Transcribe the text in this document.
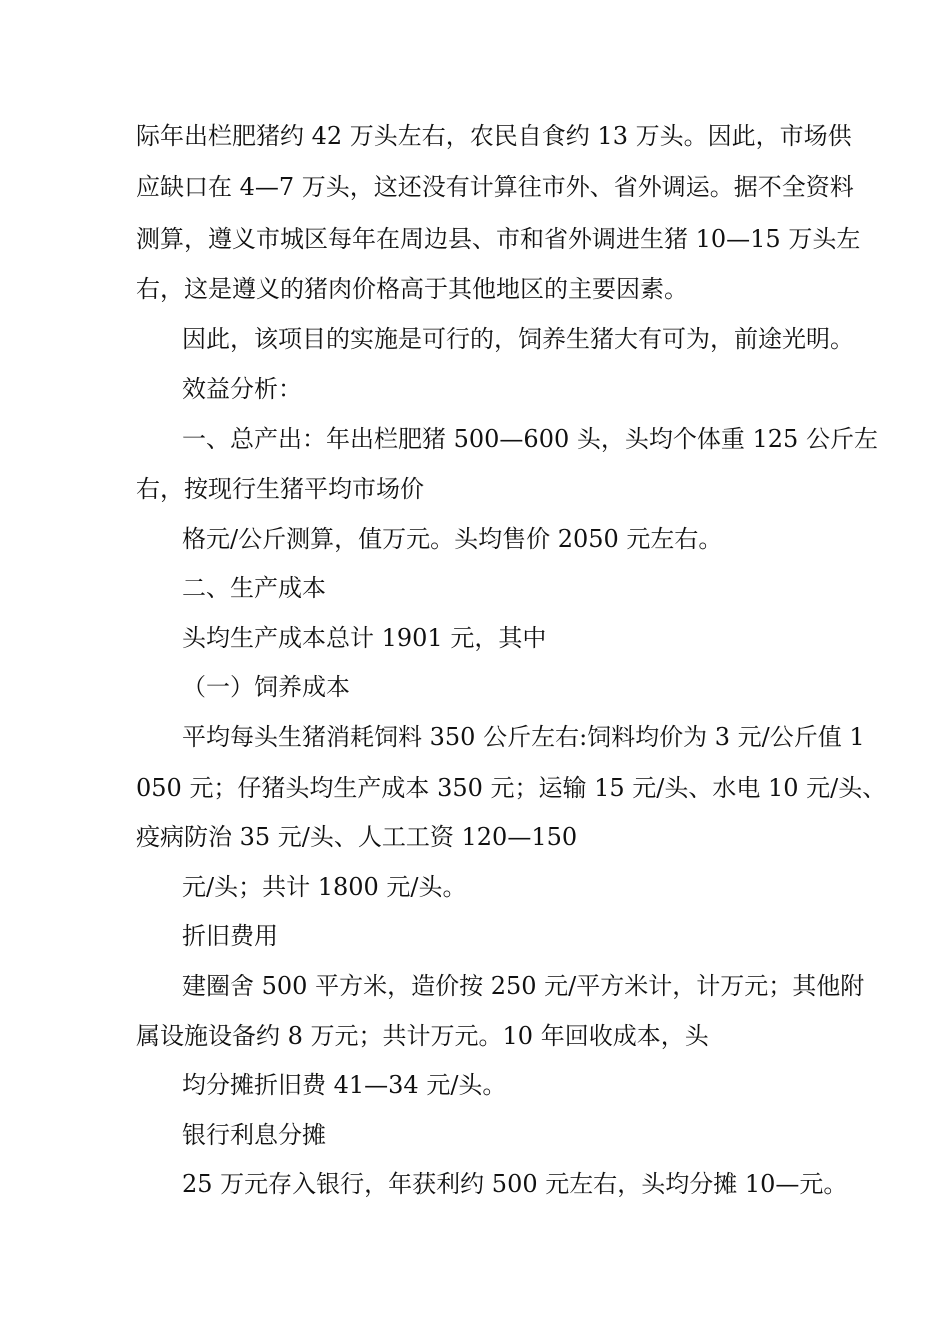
际年出栏肥猪约 42 万头左右，农民自食约 13 万头。因此，市场供
应缺口在 4—7 万头，这还没有计算往市外、省外调运。据不全资料
测算，遵义市城区每年在周边县、市和省外调进生猪 10—15 万头左
右，这是遵义的猪肉价格高于其他地区的主要因素。
因此，该项目的实施是可行的，饲养生猪大有可为，前途光明。
效益分析：
一、总产出：年出栏肥猪 500—600 头，头均个体重 125 公斤左
右，按现行生猪平均市场价
格元/公斤测算，值万元。头均售价 2050 元左右。
二、生产成本
头均生产成本总计 1901 元，其中
（一）饲养成本
平均每头生猪消耗饲料 350 公斤左右:饲料均价为 3 元/公斤值 1
050 元；仔猪头均生产成本 350 元；运输 15 元/头、水电 10 元/头、
疫病防治 35 元/头、人工工资 120—150
元/头；共计 1800 元/头。
折旧费用
建圈舍 500 平方米，造价按 250 元/平方米计，计万元；其他附
属设施设备约 8 万元；共计万元。10 年回收成本，头
均分摊折旧费 41—34 元/头。
银行利息分摊
25 万元存入银行，年获利约 500 元左右，头均分摊 10—元。
